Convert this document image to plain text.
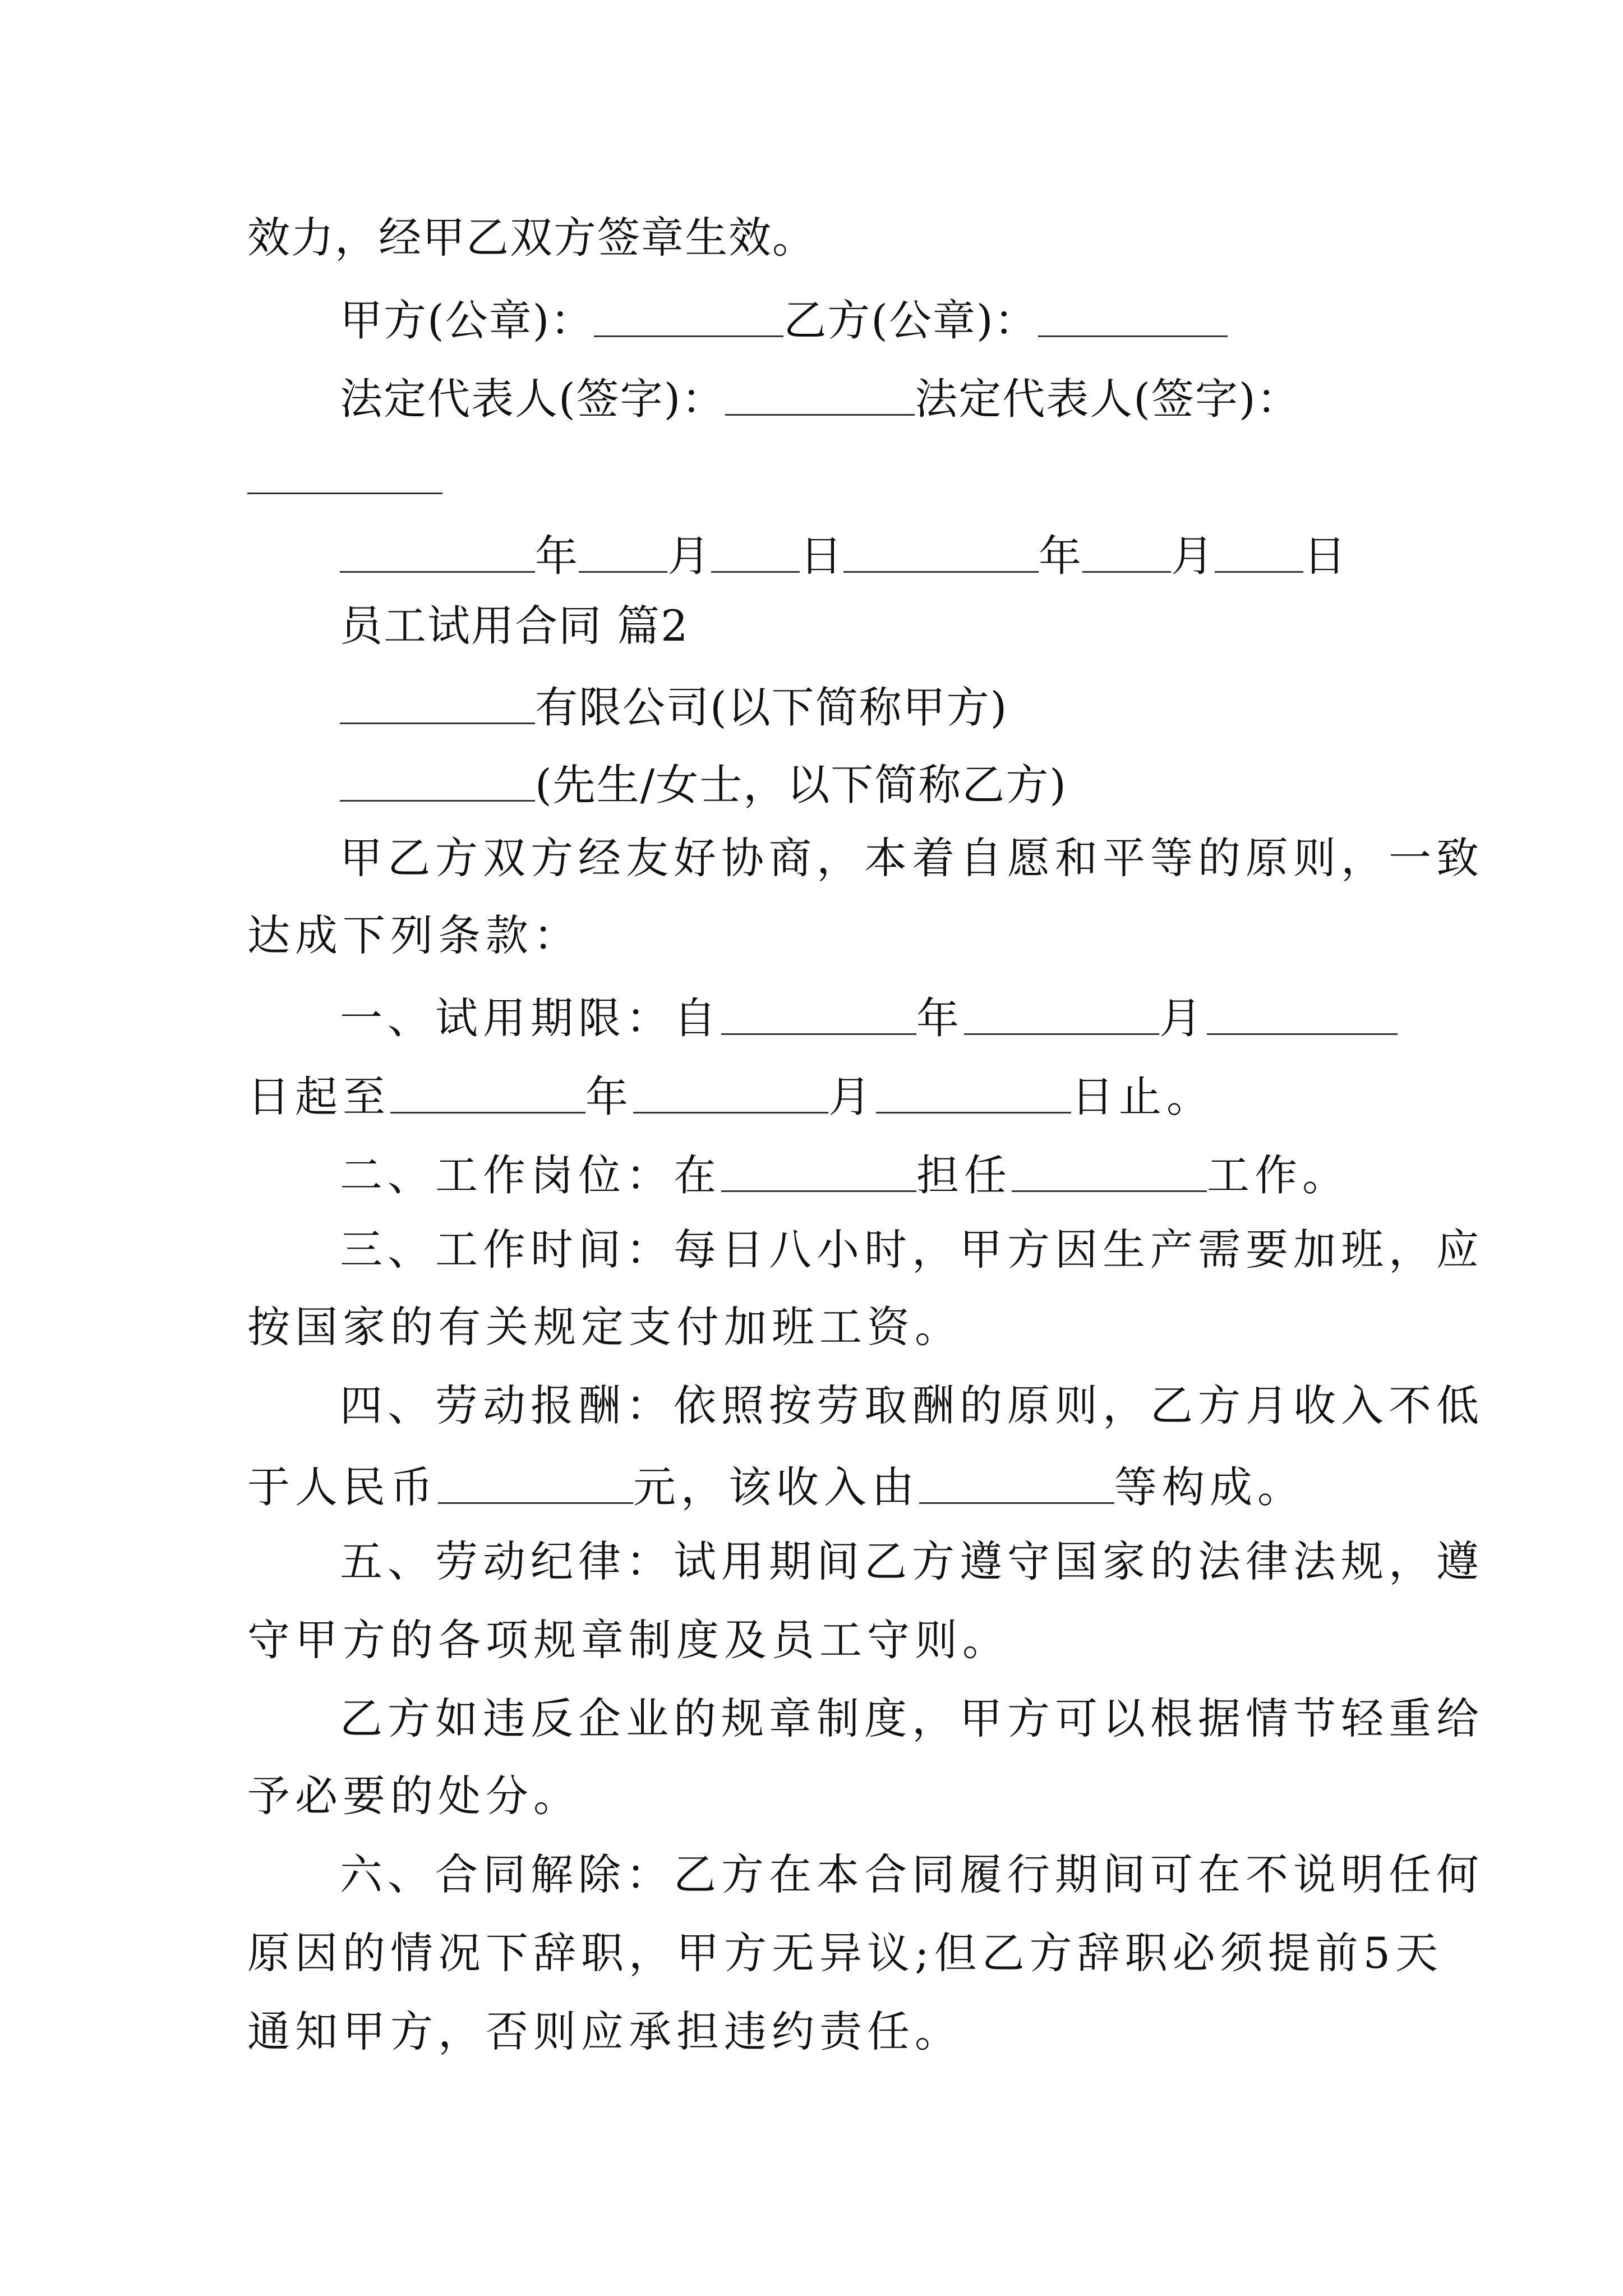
效力，经甲乙双方签章生效。
甲方(公章)：	乙方(公章)：
法定代表人(签字)：	法定代表人(签字)：
年 月 日	年 月 日
员工试用合同 篇2
有限公司(以下简称甲方)
(先生/女士，以下简称乙方)
甲乙方双方经友好协商，本着自愿和平等的原则，一致
达成下列条款：
一、试用期限：自	年	月
日起至	年	月	日止。
二、工作岗位：在	担任	工作。
三、工作时间：每日八小时，甲方因生产需要加班，应
按国家的有关规定支付加班工资。
四、劳动报酬：依照按劳取酬的原则，乙方月收入不低
于人民币	元，该收入由	等构成。
五、劳动纪律：试用期间乙方遵守国家的法律法规，遵
守甲方的各项规章制度及员工守则。
乙方如违反企业的规章制度，甲方可以根据情节轻重给
予必要的处分。
六、合同解除：乙方在本合同履行期间可在不说明任何
原因的情况下辞职，甲方无异议;但乙方辞职必须提前5天
通知甲方，否则应承担违约责任。
